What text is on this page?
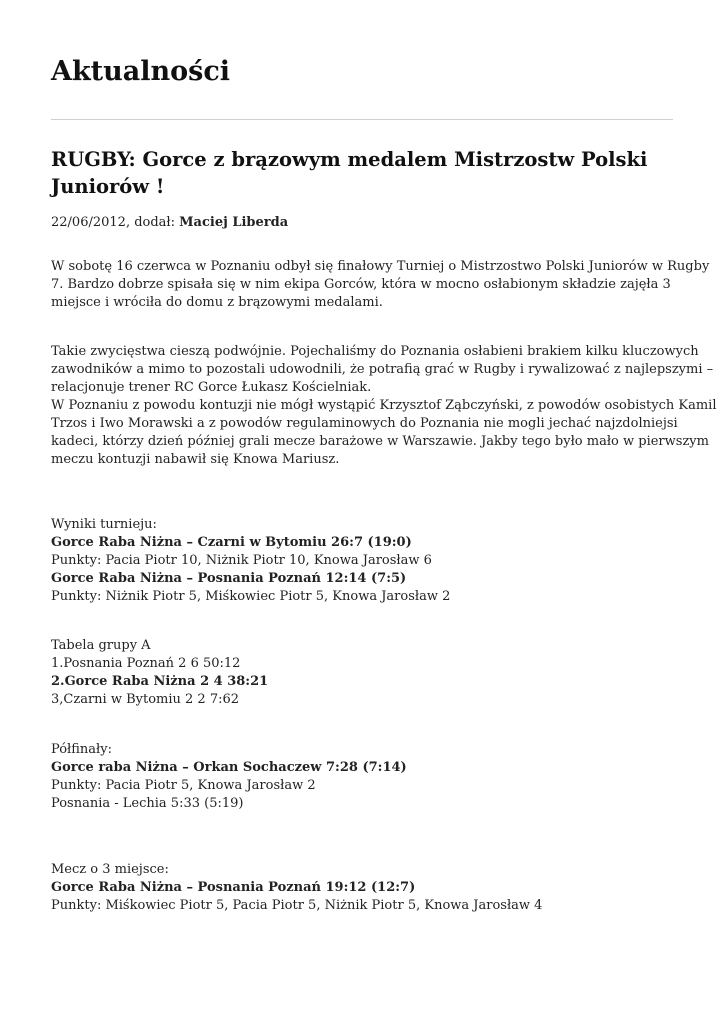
Aktualności
RUGBY: Gorce z brązowym medalem Mistrzostw Polski
Juniorów !
22/06/2012, dodał: Maciej Liberda
W sobotę 16 czerwca w Poznaniu odbył się finałowy Turniej o Mistrzostwo Polski Juniorów w Rugby
7. Bardzo dobrze spisała się w nim ekipa Gorców, która w mocno osłabionym składzie zajęła 3
miejsce i wróciła do domu z brązowymi medalami.
Takie zwycięstwa cieszą podwójnie. Pojechaliśmy do Poznania osłabieni brakiem kilku kluczowych
zawodników a mimo to pozostali udowodnili, że potrafią grać w Rugby i rywalizować z najlepszymi –
relacjonuje trener RC Gorce Łukasz Kościelniak.
W Poznaniu z powodu kontuzji nie mógł wystąpić Krzysztof Ząbczyński, z powodów osobistych Kamil
Trzos i Iwo Morawski a z powodów regulaminowych do Poznania nie mogli jechać najzdolniejsi
kadeci, którzy dzień później grali mecze barażowe w Warszawie. Jakby tego było mało w pierwszym
meczu kontuzji nabawił się Knowa Mariusz.
Wyniki turnieju:
Gorce Raba Niżna – Czarni w Bytomiu 26:7 (19:0)
Punkty: Pacia Piotr 10, Niżnik Piotr 10, Knowa Jarosław 6
Gorce Raba Niżna – Posnania Poznań 12:14 (7:5)
Punkty: Niżnik Piotr 5, Miśkowiec Piotr 5, Knowa Jarosław 2
Tabela grupy A
1.Posnania Poznań 2 6 50:12
2.Gorce Raba Niżna 2 4 38:21
3,Czarni w Bytomiu 2 2 7:62
Półfinały:
Gorce raba Niżna – Orkan Sochaczew 7:28 (7:14)
Punkty: Pacia Piotr 5, Knowa Jarosław 2
Posnania - Lechia 5:33 (5:19)
Mecz o 3 miejsce:
Gorce Raba Niżna – Posnania Poznań 19:12 (12:7)
Punkty: Miśkowiec Piotr 5, Pacia Piotr 5, Niżnik Piotr 5, Knowa Jarosław 4
